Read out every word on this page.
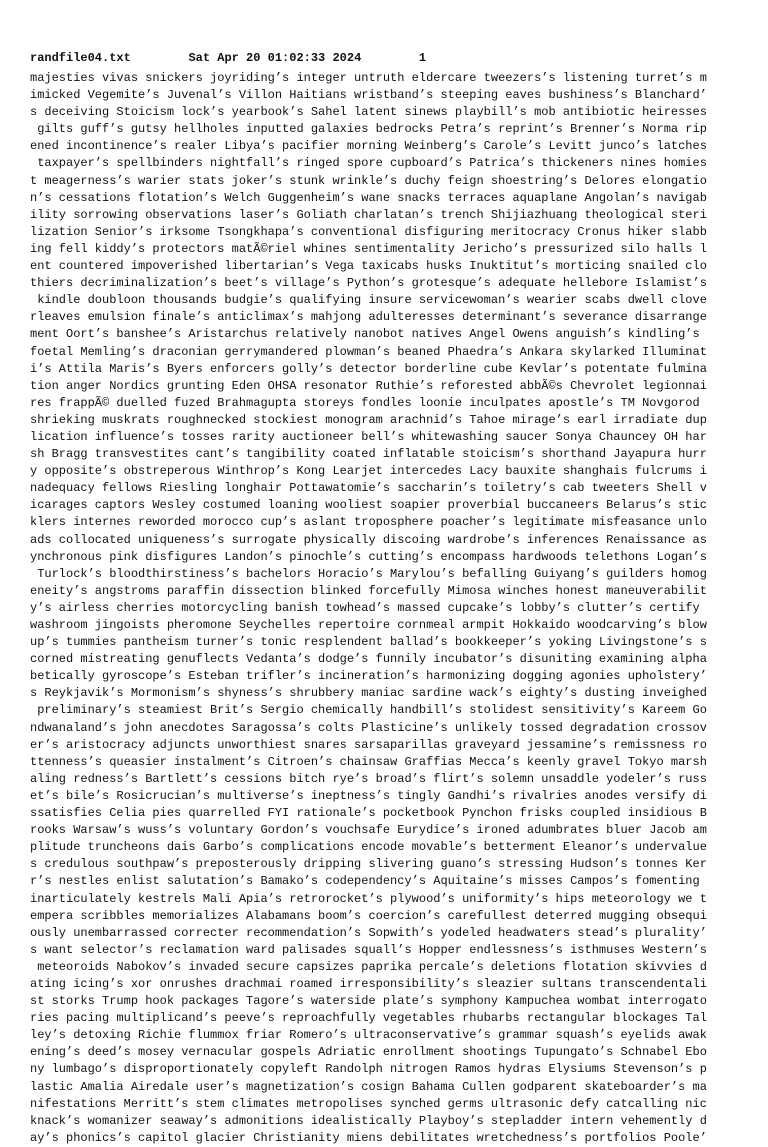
randfile04.txt	Sat Apr 20 01:02:33 2024	1
majesties vivas snickers joyriding’s integer untruth eldercare tweezers’s listening turret’s m
imicked Vegemite’s Juvenal’s Villon Haitians wristband’s steeping eaves bushiness’s Blanchard’
s deceiving Stoicism lock’s yearbook’s Sahel latent sinews playbill’s mob antibiotic heiresses
gilts guff’s gutsy hellholes inputted galaxies bedrocks Petra’s reprint’s Brenner’s Norma rip
ened incontinence’s realer Libya’s pacifier morning Weinberg’s Carole’s Levitt junco’s latches
taxpayer’s spellbinders nightfall’s ringed spore cupboard’s Patrica’s thickeners nines homies
t meagerness’s warier stats joker’s stunk wrinkle’s duchy feign shoestring’s Delores elongatio
n’s cessations flotation’s Welch Guggenheim’s wane snacks terraces aquaplane Angolan’s navigab
ility sorrowing observations laser’s Goliath charlatan’s trench Shijiazhuang theological steri
lization Senior’s irksome Tsongkhapa’s conventional disfiguring meritocracy Cronus hiker slabb
ing fell kiddy’s protectors matÃ©riel whines sentimentality Jericho’s pressurized silo halls l
ent countered impoverished libertarian’s Vega taxicabs husks Inuktitut’s morticing snailed clo
thiers decriminalization’s beet’s village’s Python’s grotesque’s adequate hellebore Islamist’s
kindle doubloon thousands budgie’s qualifying insure servicewoman’s wearier scabs dwell clove
rleaves emulsion finale’s anticlimax’s mahjong adulteresses determinant’s severance disarrange
ment Oort’s banshee’s Aristarchus relatively nanobot natives Angel Owens anguish’s kindling’s
foetal Memling’s draconian gerrymandered plowman’s beaned Phaedra’s Ankara skylarked Illuminat
i’s Attila Maris’s Byers enforcers golly’s detector borderline cube Kevlar’s potentate fulmina
tion anger Nordics grunting Eden OHSA resonator Ruthie’s reforested abbÃ©s Chevrolet legionnai
res frappÃ© duelled fuzed Brahmagupta storeys fondles loonie inculpates apostle’s TM Novgorod
shrieking muskrats roughnecked stockiest monogram arachnid’s Tahoe mirage’s earl irradiate dup
lication influence’s tosses rarity auctioneer bell’s whitewashing saucer Sonya Chauncey OH har
sh Bragg transvestites cant’s tangibility coated inflatable stoicism’s shorthand Jayapura hurr
y opposite’s obstreperous Winthrop’s Kong Learjet intercedes Lacy bauxite shanghais fulcrums i
nadequacy fellows Riesling longhair Pottawatomie’s saccharin’s toiletry’s cab tweeters Shell v
icarages captors Wesley costumed loaning wooliest soapier proverbial buccaneers Belarus’s stic
klers internes reworded morocco cup’s aslant troposphere poacher’s legitimate misfeasance unlo
ads collocated uniqueness’s surrogate physically discoing wardrobe’s inferences Renaissance as
ynchronous pink disfigures Landon’s pinochle’s cutting’s encompass hardwoods telethons Logan’s
Turlock’s bloodthirstiness’s bachelors Horacio’s Marylou’s befalling Guiyang’s guilders homog
eneity’s angstroms paraffin dissection blinked forcefully Mimosa winches honest maneuverabilit
y’s airless cherries motorcycling banish towhead’s massed cupcake’s lobby’s clutter’s certify
washroom jingoists pheromone Seychelles repertoire cornmeal armpit Hokkaido woodcarving’s blow
up’s tummies pantheism turner’s tonic resplendent ballad’s bookkeeper’s yoking Livingstone’s s
corned mistreating genuflects Vedanta’s dodge’s funnily incubator’s disuniting examining alpha
betically gyroscope’s Esteban trifler’s incineration’s harmonizing dogging agonies upholstery’
s Reykjavik’s Mormonism’s shyness’s shrubbery maniac sardine wack’s eighty’s dusting inveighed
preliminary’s steamiest Brit’s Sergio chemically handbill’s stolidest sensitivity’s Kareem Go
ndwanaland’s john anecdotes Saragossa’s colts Plasticine’s unlikely tossed degradation crossov
er’s aristocracy adjuncts unworthiest snares sarsaparillas graveyard jessamine’s remissness ro
ttenness’s queasier instalment’s Citroen’s chainsaw Graffias Mecca’s keenly gravel Tokyo marsh
aling redness’s Bartlett’s cessions bitch rye’s broad’s flirt’s solemn unsaddle yodeler’s russ
et’s bile’s Rosicrucian’s multiverse’s ineptness’s tingly Gandhi’s rivalries anodes versify di
ssatisfies Celia pies quarrelled FYI rationale’s pocketbook Pynchon frisks coupled insidious B
rooks Warsaw’s wuss’s voluntary Gordon’s vouchsafe Eurydice’s ironed adumbrates bluer Jacob am
plitude truncheons dais Garbo’s complications encode movable’s betterment Eleanor’s undervalue
s credulous southpaw’s preposterously dripping slivering guano’s stressing Hudson’s tonnes Ker
r’s nestles enlist salutation’s Bamako’s codependency’s Aquitaine’s misses Campos’s fomenting
inarticulately kestrels Mali Apia’s retrorocket’s plywood’s uniformity’s hips meteorology we t
empera scribbles memorializes Alabamans boom’s coercion’s carefullest deterred mugging obsequi
ously unembarrassed correcter recommendation’s Sopwith’s yodeled headwaters stead’s plurality’
s want selector’s reclamation ward palisades squall’s Hopper endlessness’s isthmuses Western’s
meteoroids Nabokov’s invaded secure capsizes paprika percale’s deletions flotation skivvies d
ating icing’s xor onrushes drachmai roamed irresponsibility’s sleazier sultans transcendentali
st storks Trump hook packages Tagore’s waterside plate’s symphony Kampuchea wombat interrogato
ries pacing multiplicand’s peeve’s reproachfully vegetables rhubarbs rectangular blockages Tal
ley’s detoxing Richie flummox friar Romero’s ultraconservative’s grammar squash’s eyelids awak
ening’s deed’s mosey vernacular gospels Adriatic enrollment shootings Tupungato’s Schnabel Ebo
ny lumbago’s disproportionately copyleft Randolph nitrogen Ramos hydras Elysiums Stevenson’s p
lastic Amalia Airedale user’s magnetization’s cosign Bahama Cullen godparent skateboarder’s ma
nifestations Merritt’s stem climates metropolises synched germs ultrasonic defy catcalling nic
knack’s womanizer seaway’s admonitions idealistically Playboy’s stepladder intern vehemently d
ay’s phonics’s capitol glacier Christianity miens debilitates wretchedness’s portfolios Poole’
